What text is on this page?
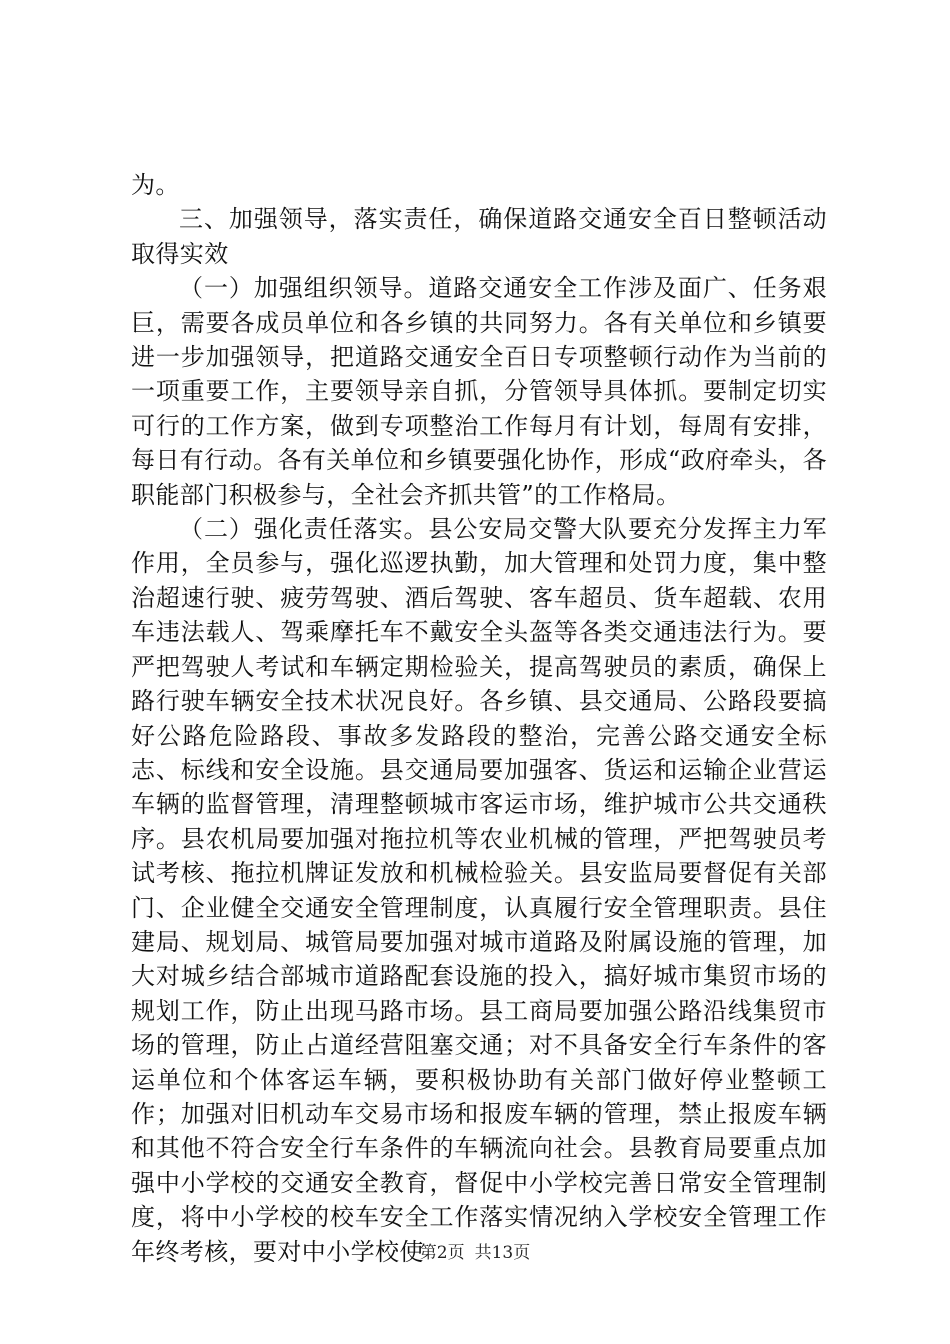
为。

三、加强领导，落实责任，确保道路交通安全百日整顿活动取得实效

（一）加强组织领导。道路交通安全工作涉及面广、任务艰巨，需要各成员单位和各乡镇的共同努力。各有关单位和乡镇要进一步加强领导，把道路交通安全百日专项整顿行动作为当前的一项重要工作，主要领导亲自抓，分管领导具体抓。要制定切实可行的工作方案，做到专项整治工作每月有计划，每周有安排，每日有行动。各有关单位和乡镇要强化协作，形成“政府牵头，各职能部门积极参与，全社会齐抓共管”的工作格局。

（二）强化责任落实。县公安局交警大队要充分发挥主力军作用，全员参与，强化巡逻执勤，加大管理和处罚力度，集中整治超速行驶、疲劳驾驶、酒后驾驶、客车超员、货车超载、农用车违法载人、驾乘摩托车不戴安全头盔等各类交通违法行为。要严把驾驶人考试和车辆定期检验关，提高驾驶员的素质，确保上路行驶车辆安全技术状况良好。各乡镇、县交通局、公路段要搞好公路危险路段、事故多发路段的整治，完善公路交通安全标志、标线和安全设施。县交通局要加强客、货运和运输企业营运车辆的监督管理，清理整顿城市客运市场，维护城市公共交通秩序。县农机局要加强对拖拉机等农业机械的管理，严把驾驶员考试考核、拖拉机牌证发放和机械检验关。县安监局要督促有关部门、企业健全交通安全管理制度，认真履行安全管理职责。县住建局、规划局、城管局要加强对城市道路及附属设施的管理，加大对城乡结合部城市道路配套设施的投入，搞好城市集贸市场的规划工作，防止出现马路市场。县工商局要加强公路沿线集贸市场的管理，防止占道经营阻塞交通；对不具备安全行车条件的客运单位和个体客运车辆，要积极协助有关部门做好停业整顿工作；加强对旧机动车交易市场和报废车辆的管理，禁止报废车辆和其他不符合安全行车条件的车辆流向社会。县教育局要重点加强中小学校的交通安全教育，督促中小学校完善日常安全管理制度，将中小学校的校车安全工作落实情况纳入学校安全管理工作年终考核，要对中小学校使

第2页 共13页
